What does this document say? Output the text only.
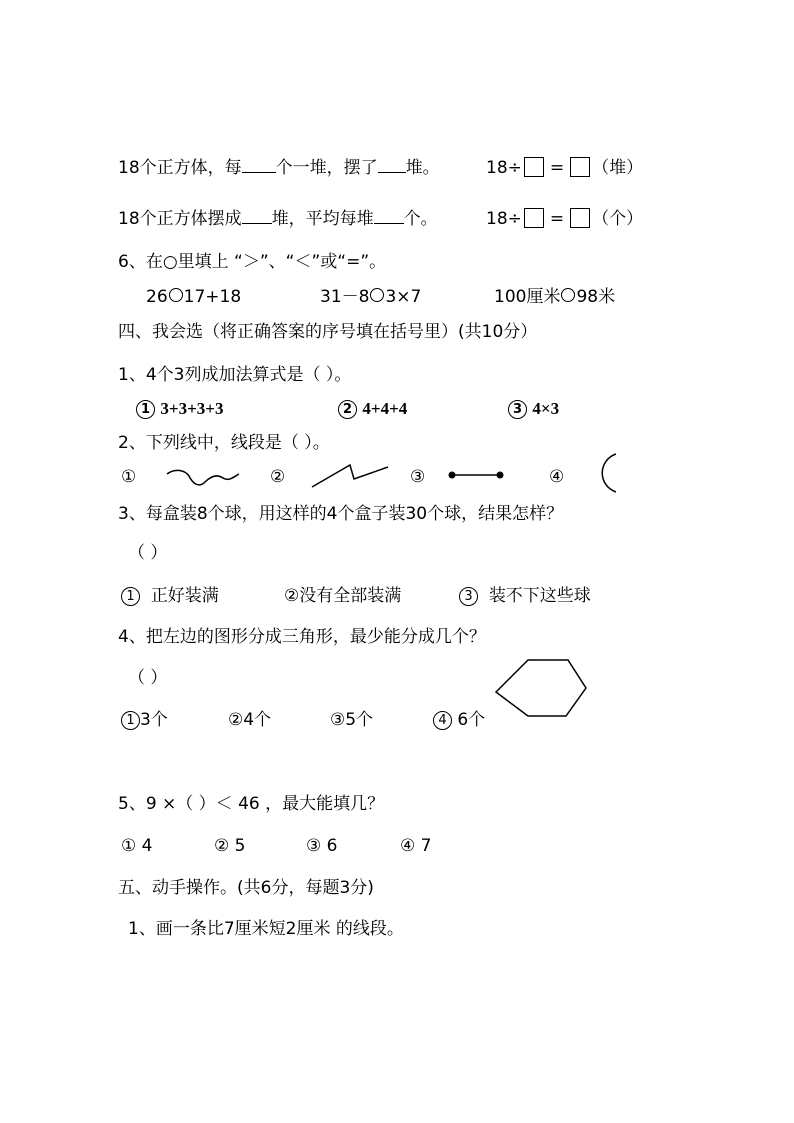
18个正方体，每 个一堆，摆了 堆。	18÷ = （堆）
18个正方体摆成 堆，平均每堆 个。	18÷ = （个）
6、在○里填上 “＞”、“＜”或“=”。
26 17+18	31－8 3×7	100厘米 98米
四、我会选（将正确答案的序号填在括号里）(共10分）
1、4个3列成加法算式是（ ）。
1 3+3+3+3	2 4+4+4	3 4×3
2、下列线中，线段是（ ）。
①	②	③	④
3、每盒装8个球，用这样的4个盒子装30个球，结果怎样？
（ ）
1 正好装满	②没有全部装满	3 装不下这些球
4、把左边的图形分成三角形，最少能分成几个？
（ ）
1 3个	②4个	③5个	4 6个
5、9 ×（ ）＜ 46 ，最大能填几？
① 4	② 5	③ 6	④ 7
五、动手操作。(共6分，每题3分)
1、画一条比7厘米短2厘米 的线段。
